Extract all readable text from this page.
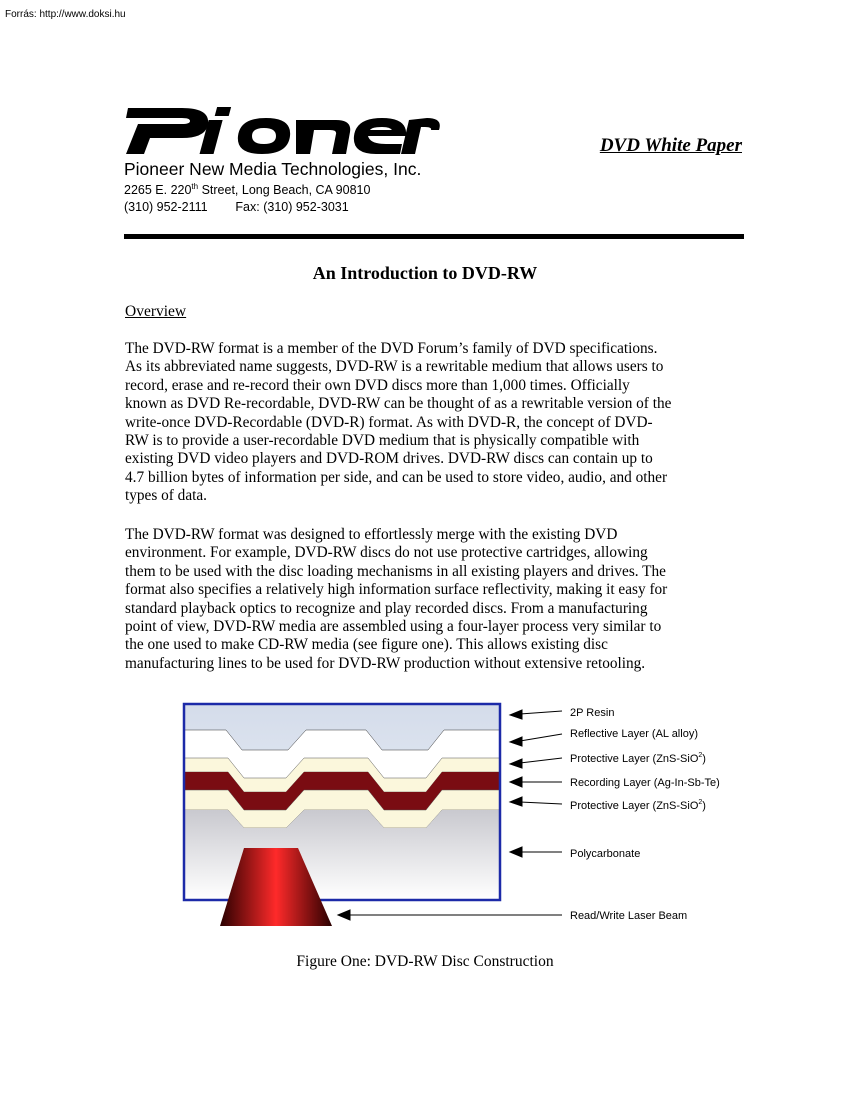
Forrás: http://www.doksi.hu
DVD White Paper
Pioneer New Media Technologies, Inc.
2265 E. 220th Street, Long Beach, CA 90810
(310) 952-2111 Fax: (310) 952-3031
An Introduction to DVD-RW
Overview
The DVD-RW format is a member of the DVD Forum’s family of DVD specifications.
As its abbreviated name suggests, DVD-RW is a rewritable medium that allows users to
record, erase and re-record their own DVD discs more than 1,000 times. Officially
known as DVD Re-recordable, DVD-RW can be thought of as a rewritable version of the
write-once DVD-Recordable (DVD-R) format. As with DVD-R, the concept of DVD-
RW is to provide a user-recordable DVD medium that is physically compatible with
existing DVD video players and DVD-ROM drives. DVD-RW discs can contain up to
4.7 billion bytes of information per side, and can be used to store video, audio, and other
types of data.
The DVD-RW format was designed to effortlessly merge with the existing DVD
environment. For example, DVD-RW discs do not use protective cartridges, allowing
them to be used with the disc loading mechanisms in all existing players and drives. The
format also specifies a relatively high information surface reflectivity, making it easy for
standard playback optics to recognize and play recorded discs. From a manufacturing
point of view, DVD-RW media are assembled using a four-layer process very similar to
the one used to make CD-RW media (see figure one). This allows existing disc
manufacturing lines to be used for DVD-RW production without extensive retooling.
2P Resin
Reflective Layer (AL alloy)
Protective Layer (ZnS-SiO$^2$)
Recording Layer (Ag-In-Sb-Te)
Protective Layer (ZnS-SiO$^2$)
Polycarbonate
Read/Write Laser Beam
Figure One: DVD-RW Disc Construction
